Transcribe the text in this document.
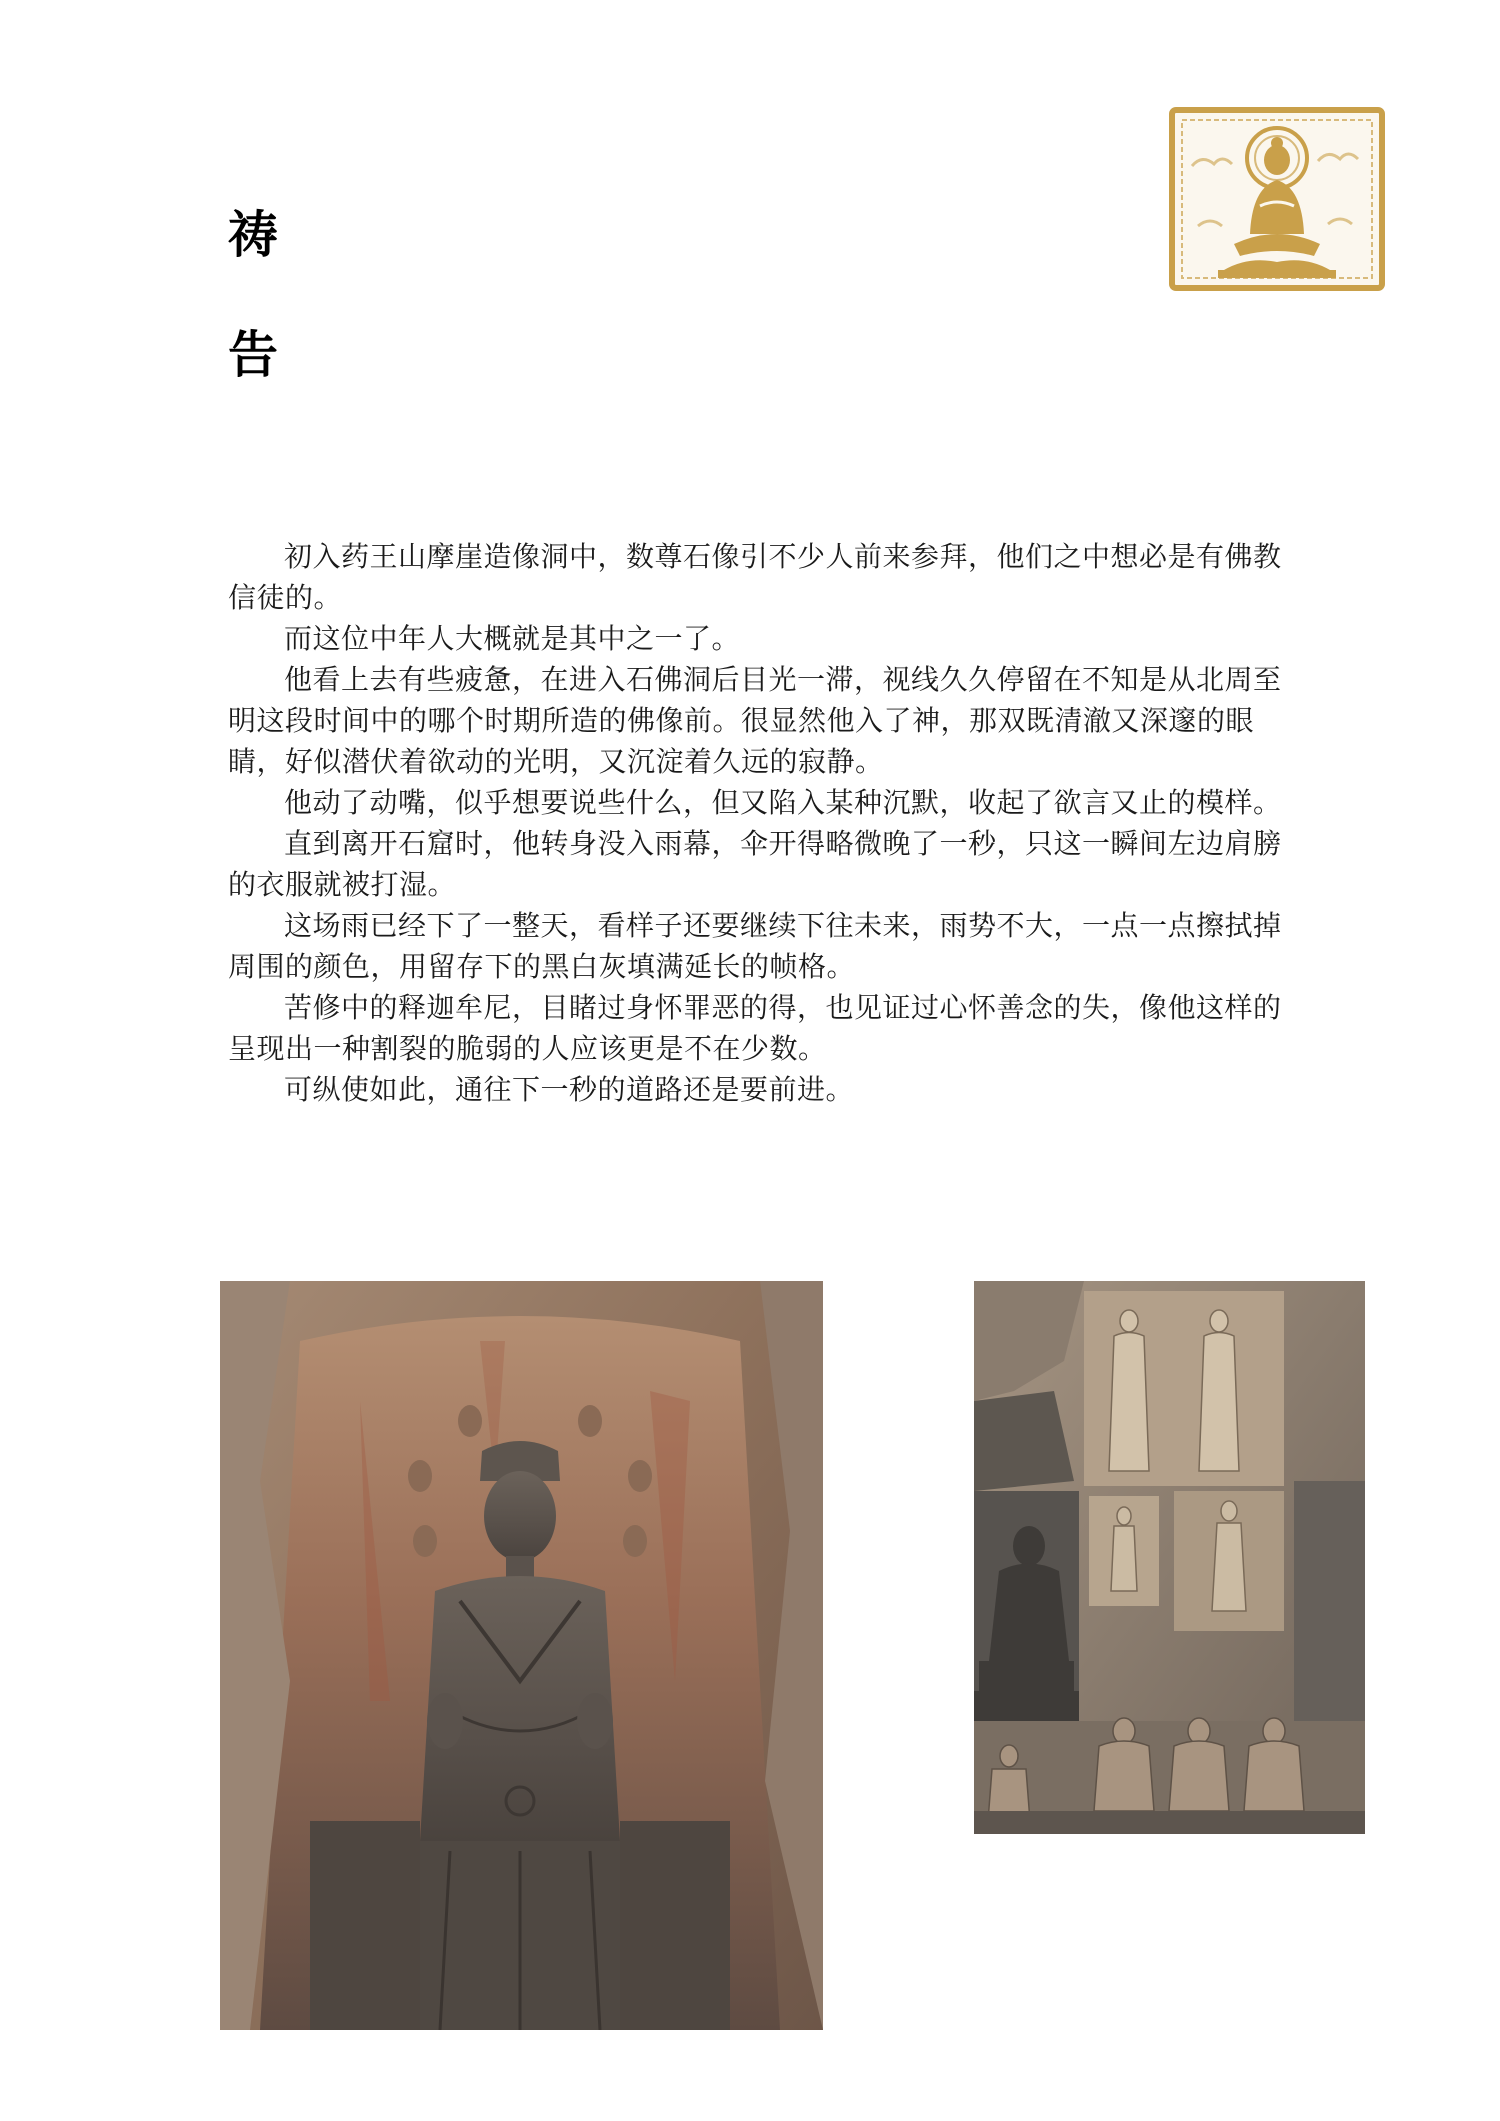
祷
告

初入药王山摩崖造像洞中，数尊石像引不少人前来参拜，他们之中想必是有佛教信徒的。

而这位中年人大概就是其中之一了。

他看上去有些疲惫，在进入石佛洞后目光一滞，视线久久停留在不知是从北周至明这段时间中的哪个时期所造的佛像前。很显然他入了神，那双既清澈又深邃的眼睛，好似潜伏着欲动的光明，又沉淀着久远的寂静。

他动了动嘴，似乎想要说些什么，但又陷入某种沉默，收起了欲言又止的模样。

直到离开石窟时，他转身没入雨幕，伞开得略微晚了一秒，只这一瞬间左边肩膀的衣服就被打湿。

这场雨已经下了一整天，看样子还要继续下往未来，雨势不大，一点一点擦拭掉周围的颜色，用留存下的黑白灰填满延长的帧格。

苦修中的释迦牟尼，目睹过身怀罪恶的得，也见证过心怀善念的失，像他这样的呈现出一种割裂的脆弱的人应该更是不在少数。

可纵使如此，通往下一秒的道路还是要前进。
